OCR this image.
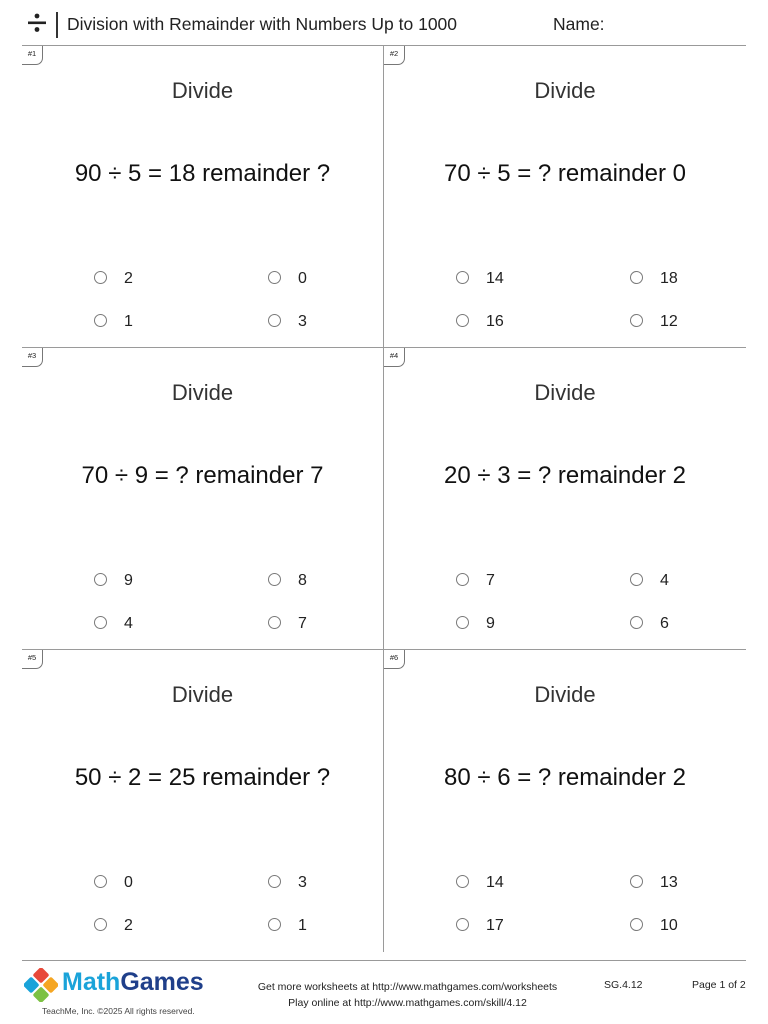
Division with Remainder with Numbers Up to 1000	Name:
#1
Divide
90 ÷ 5 = 18 remainder ?
2	0
1	3
#2
Divide
70 ÷ 5 = ? remainder 0
14	18
16	12
#3
Divide
70 ÷ 9 = ? remainder 7
9	8
4	7
#4
Divide
20 ÷ 3 = ? remainder 2
7	4
9	6
#5
Divide
50 ÷ 2 = 25 remainder ?
0	3
2	1
#6
Divide
80 ÷ 6 = ? remainder 2
14	13
17	10
MathGames
TeachMe, Inc. ©2025 All rights reserved.
Get more worksheets at http://www.mathgames.com/worksheets
Play online at http://www.mathgames.com/skill/4.12
SG.4.12	Page 1 of 2
